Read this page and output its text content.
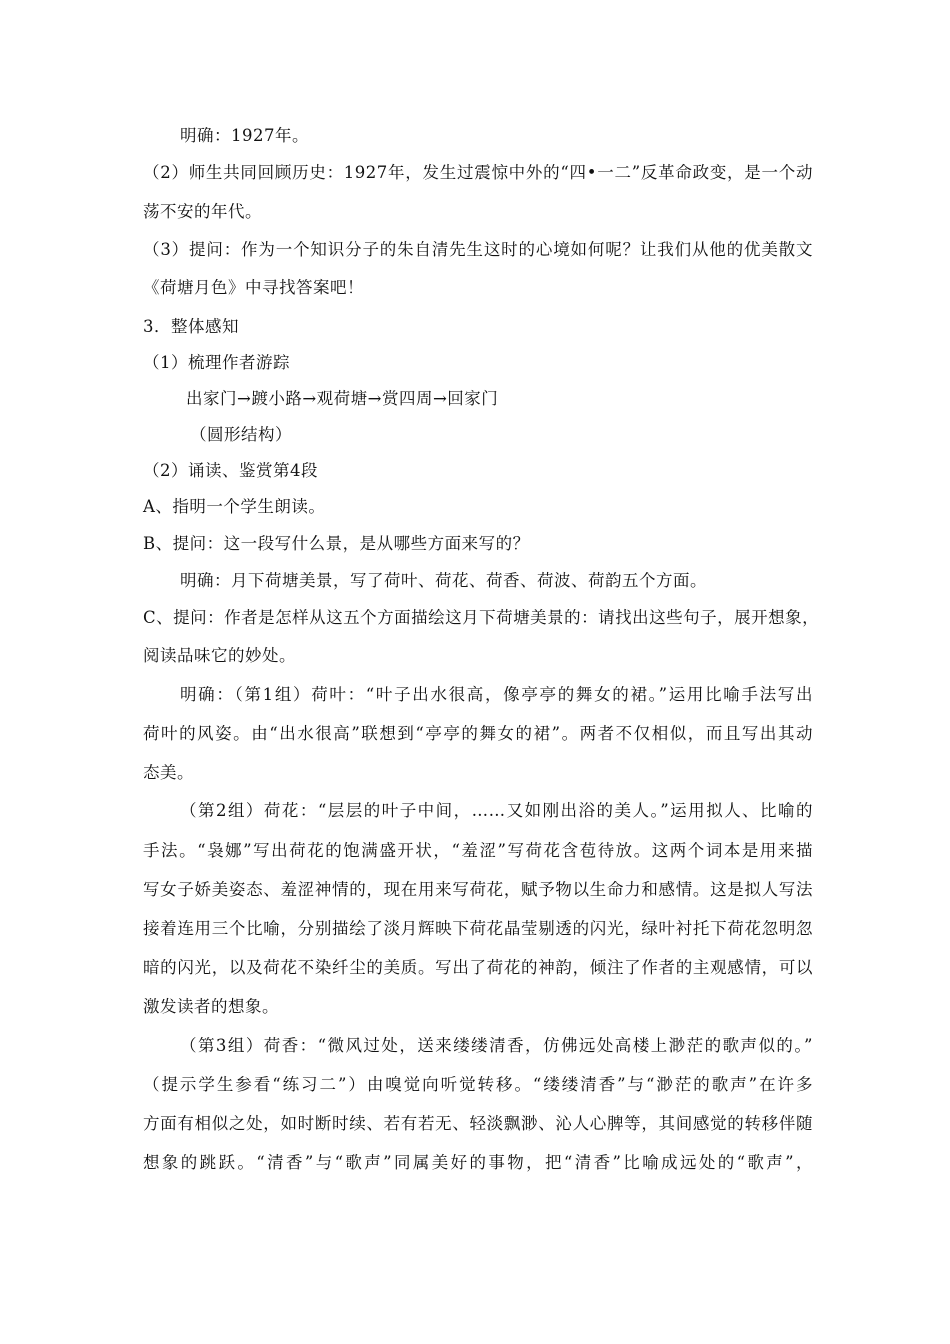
明确：1927年。
（2）师生共同回顾历史：1927年，发生过震惊中外的“四•一二”反革命政变，是一个动
荡不安的年代。
（3）提问：作为一个知识分子的朱自清先生这时的心境如何呢？让我们从他的优美散文
《荷塘月色》中寻找答案吧！
3．整体感知
（1）梳理作者游踪
出家门→踱小路→观荷塘→赏四周→回家门
（圆形结构）
（2）诵读、鉴赏第4段
A、指明一个学生朗读。
B、提问：这一段写什么景，是从哪些方面来写的？
明确：月下荷塘美景，写了荷叶、荷花、荷香、荷波、荷韵五个方面。
C、提问：作者是怎样从这五个方面描绘这月下荷塘美景的：请找出这些句子，展开想象，
阅读品味它的妙处。
明确：（第1组）荷叶：“叶子出水很高，像亭亭的舞女的裙。”运用比喻手法写出
荷叶的风姿。由“出水很高”联想到“亭亭的舞女的裙”。两者不仅相似，而且写出其动
态美。
（第2组）荷花：“层层的叶子中间，……又如刚出浴的美人。”运用拟人、比喻的
手法。“袅娜”写出荷花的饱满盛开状，“羞涩”写荷花含苞待放。这两个词本是用来描
写女子娇美姿态、羞涩神情的，现在用来写荷花，赋予物以生命力和感情。这是拟人写法
接着连用三个比喻，分别描绘了淡月辉映下荷花晶莹剔透的闪光，绿叶衬托下荷花忽明忽
暗的闪光，以及荷花不染纤尘的美质。写出了荷花的神韵，倾注了作者的主观感情，可以
激发读者的想象。
（第3组）荷香：“微风过处，送来缕缕清香，仿佛远处高楼上渺茫的歌声似的。”
（提示学生参看“练习二”）由嗅觉向听觉转移。“缕缕清香”与“渺茫的歌声”在许多
方面有相似之处，如时断时续、若有若无、轻淡飘渺、沁人心脾等，其间感觉的转移伴随
想象的跳跃。“清香”与“歌声”同属美好的事物，把“清香”比喻成远处的“歌声”，
